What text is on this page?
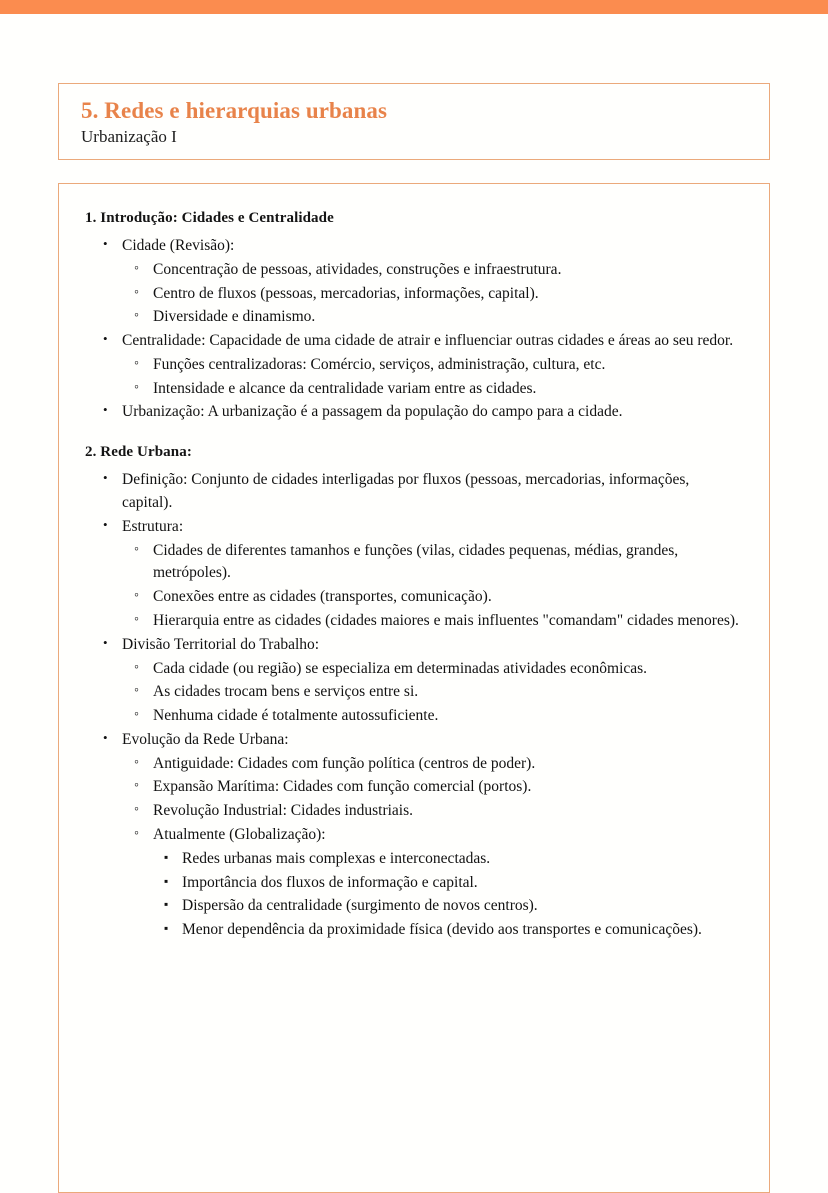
5. Redes e hierarquias urbanas
Urbanização I
1. Introdução: Cidades e Centralidade
• Cidade (Revisão):
◦ Concentração de pessoas, atividades, construções e infraestrutura.
◦ Centro de fluxos (pessoas, mercadorias, informações, capital).
◦ Diversidade e dinamismo.
• Centralidade: Capacidade de uma cidade de atrair e influenciar outras cidades e áreas ao seu redor.
◦ Funções centralizadoras: Comércio, serviços, administração, cultura, etc.
◦ Intensidade e alcance da centralidade variam entre as cidades.
• Urbanização: A urbanização é a passagem da população do campo para a cidade.
2. Rede Urbana:
• Definição: Conjunto de cidades interligadas por fluxos (pessoas, mercadorias, informações, capital).
• Estrutura:
◦ Cidades de diferentes tamanhos e funções (vilas, cidades pequenas, médias, grandes, metrópoles).
◦ Conexões entre as cidades (transportes, comunicação).
◦ Hierarquia entre as cidades (cidades maiores e mais influentes "comandam" cidades menores).
• Divisão Territorial do Trabalho:
◦ Cada cidade (ou região) se especializa em determinadas atividades econômicas.
◦ As cidades trocam bens e serviços entre si.
◦ Nenhuma cidade é totalmente autossuficiente.
• Evolução da Rede Urbana:
◦ Antiguidade: Cidades com função política (centros de poder).
◦ Expansão Marítima: Cidades com função comercial (portos).
◦ Revolução Industrial: Cidades industriais.
◦ Atualmente (Globalização):
▪ Redes urbanas mais complexas e interconectadas.
▪ Importância dos fluxos de informação e capital.
▪ Dispersão da centralidade (surgimento de novos centros).
▪ Menor dependência da proximidade física (devido aos transportes e comunicações).
